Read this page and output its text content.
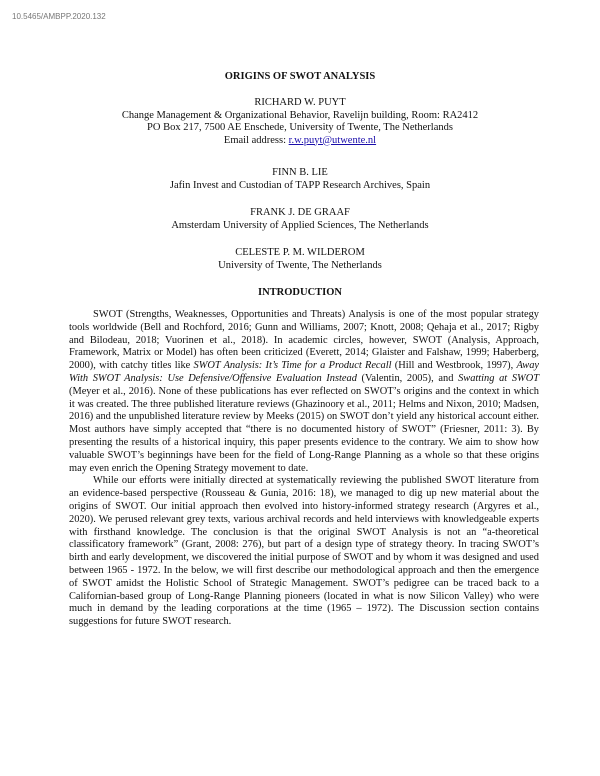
10.5465/AMBPP.2020.132
ORIGINS OF SWOT ANALYSIS
RICHARD W. PUYT
Change Management & Organizational Behavior, Ravelijn building, Room: RA2412
PO Box 217, 7500 AE Enschede, University of Twente, The Netherlands
Email address: r.w.puyt@utwente.nl
FINN B. LIE
Jafin Invest and Custodian of TAPP Research Archives, Spain
FRANK J. DE GRAAF
Amsterdam University of Applied Sciences, The Netherlands
CELESTE P. M. WILDEROM
University of Twente, The Netherlands
INTRODUCTION

SWOT (Strengths, Weaknesses, Opportunities and Threats) Analysis is one of the most popular strategy tools worldwide (Bell and Rochford, 2016; Gunn and Williams, 2007; Knott, 2008; Qehaja et al., 2017; Rigby and Bilodeau, 2018; Vuorinen et al., 2018). In academic circles, however, SWOT (Analysis, Approach, Framework, Matrix or Model) has often been criticized (Everett, 2014; Glaister and Falshaw, 1999; Haberberg, 2000), with catchy titles like SWOT Analysis: It’s Time for a Product Recall (Hill and Westbrook, 1997), Away With SWOT Analysis: Use Defensive/Offensive Evaluation Instead (Valentin, 2005), and Swatting at SWOT (Meyer et al., 2016). None of these publications has ever reflected on SWOT’s origins and the context in which it was created. The three published literature reviews (Ghazinoory et al., 2011; Helms and Nixon, 2010; Madsen, 2016) and the unpublished literature review by Meeks (2015) on SWOT don’t yield any historical account either. Most authors have simply accepted that “there is no documented history of SWOT” (Friesner, 2011: 3). By presenting the results of a historical inquiry, this paper presents evidence to the contrary. We aim to show how valuable SWOT’s beginnings have been for the field of Long-Range Planning as a whole so that these origins may even enrich the Opening Strategy movement to date.

While our efforts were initially directed at systematically reviewing the published SWOT literature from an evidence-based perspective (Rousseau & Gunia, 2016: 18), we managed to dig up new material about the origins of SWOT. Our initial approach then evolved into history-informed strategy research (Argyres et al., 2020). We perused relevant grey texts, various archival records and held interviews with knowledgeable experts with firsthand knowledge. The conclusion is that the original SWOT Analysis is not an “a-theoretical classificatory framework” (Grant, 2008: 276), but part of a design type of strategy theory. In tracing SWOT’s birth and early development, we discovered the initial purpose of SWOT and by whom it was designed and used between 1965 - 1972. In the below, we will first describe our methodological approach and then the emergence of SWOT amidst the Holistic School of Strategic Management. SWOT’s pedigree can be traced back to a Californian-based group of Long-Range Planning pioneers (located in what is now Silicon Valley) who were much in demand by the leading corporations at the time (1965 – 1972). The Discussion section contains suggestions for future SWOT research.
